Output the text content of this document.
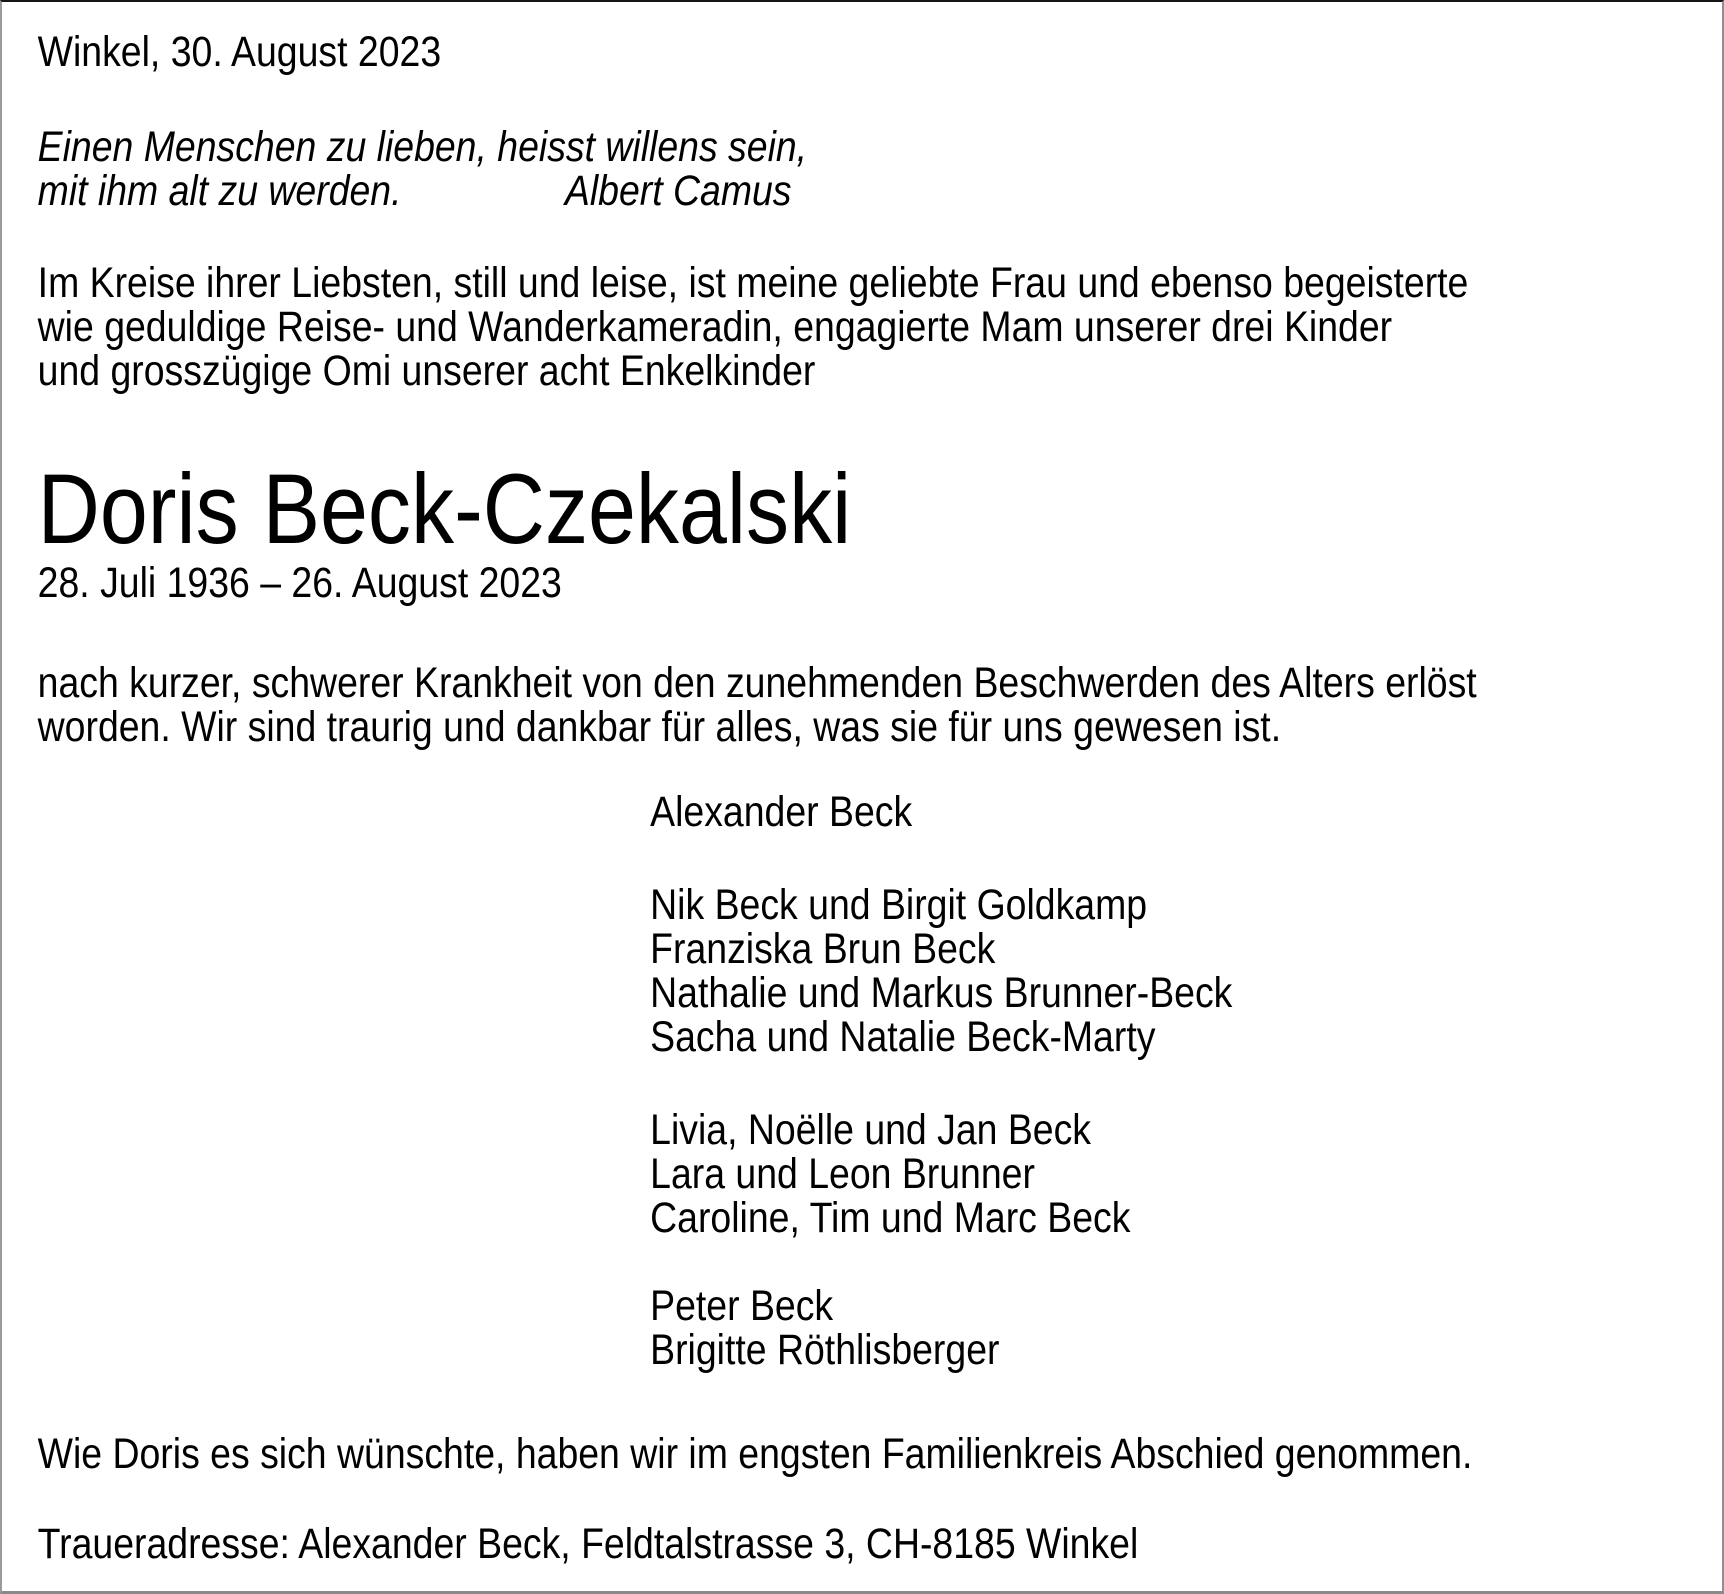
Winkel, 30. August 2023
Einen Menschen zu lieben, heisst willens sein,
mit ihm alt zu werden.	Albert Camus
Im Kreise ihrer Liebsten, still und leise, ist meine geliebte Frau und ebenso begeisterte
wie geduldige Reise- und Wanderkameradin, engagierte Mam unserer drei Kinder
und grosszügige Omi unserer acht Enkelkinder
Doris Beck-Czekalski
28. Juli 1936 – 26. August 2023
nach kurzer, schwerer Krankheit von den zunehmenden Beschwerden des Alters erlöst
worden. Wir sind traurig und dankbar für alles, was sie für uns gewesen ist.
Alexander Beck
Nik Beck und Birgit Goldkamp
Franziska Brun Beck
Nathalie und Markus Brunner-Beck
Sacha und Natalie Beck-Marty
Livia, Noëlle und Jan Beck
Lara und Leon Brunner
Caroline, Tim und Marc Beck
Peter Beck
Brigitte Röthlisberger
Wie Doris es sich wünschte, haben wir im engsten Familienkreis Abschied genommen.
Traueradresse: Alexander Beck, Feldtalstrasse 3, CH-8185 Winkel
